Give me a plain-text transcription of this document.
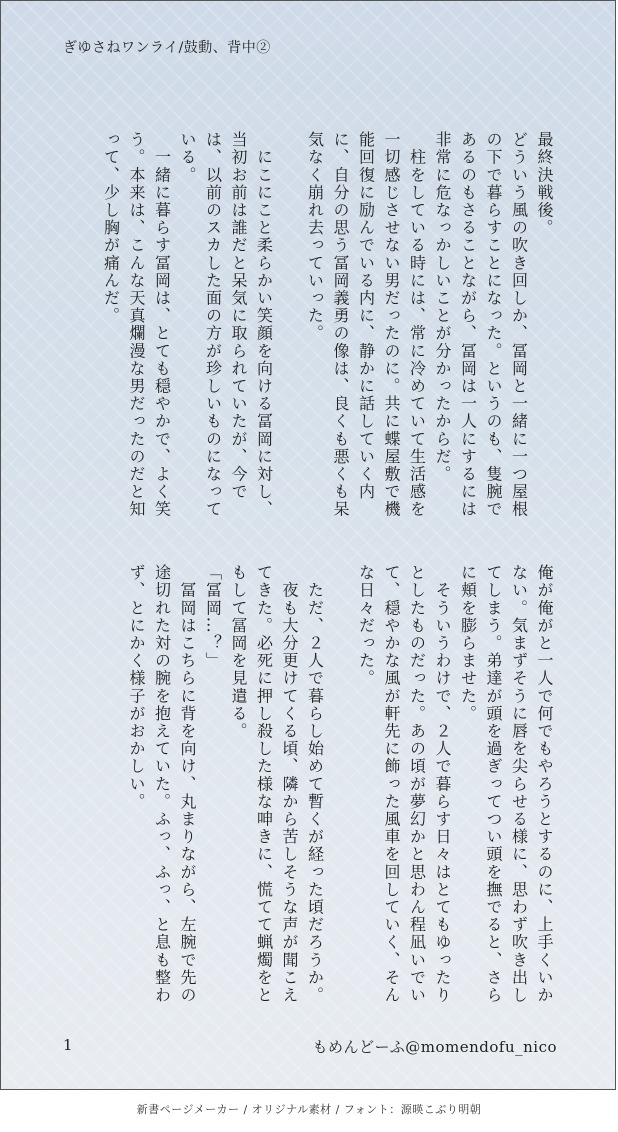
ぎゆさねワンライ/鼓動、背中②

最終決戦後。

どういう風の吹き回しか、冨岡と一緒に一つ屋根の下で暮らすことになった。というのも、隻腕であるのもさることながら、冨岡は一人にするには非常に危なっかしいことが分かったからだ。

　柱をしている時には、常に冷めていて生活感を一切感じさせない男だったのに。共に蝶屋敷で機能回復に励んでいる内に、静かに話していく内に、自分の思う冨岡義勇の像は、良くも悪くも呆気なく崩れ去っていった。

　にこにこと柔らかい笑顔を向ける冨岡に対し、当初お前は誰だと呆気に取られていたが、今では、以前のスカした面の方が珍しいものになっている。

　一緒に暮らす冨岡は、とても穏やかで、よく笑う。本来は、こんな天真爛漫な男だったのだと知って、少し胸が痛んだ。

俺が俺がと一人で何でもやろうとするのに、上手くいかない。気まずそうに唇を尖らせる様に、思わず吹き出してしまう。弟達が頭を過ぎってつい頭を撫でると、さらに頬を膨らませた。

　そういうわけで、２人で暮らす日々はとてもゆったりとしたものだった。あの頃が夢幻かと思わん程凪いでいて、穏やかな風が軒先に飾った風車を回していく、そんな日々だった。

　ただ、２人で暮らし始めて暫くが経った頃だろうか。

　夜も大分更けてくる頃、隣から苦しそうな声が聞こえてきた。必死に押し殺した様な呻きに、慌てて蝋燭をともして冨岡を見遣る。

「冨岡…？」

　冨岡はこちらに背を向け、丸まりながら、左腕で先の途切れた対の腕を抱えていた。ふっ、ふっ、と息も整わず、とにかく様子がおかしい。

1	もめんどーふ@momendofu_nico
新書ページメーカー / オリジナル素材 / フォント：源暎こぶり明朝
